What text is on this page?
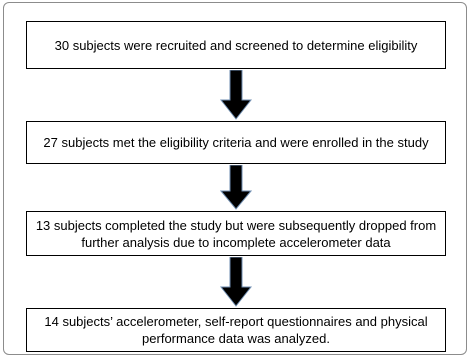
30 subjects were recruited and screened to determine eligibility
27 subjects met the eligibility criteria and were enrolled in the study
13 subjects completed the study but were subsequently dropped from further analysis due to incomplete accelerometer data
14 subjects’ accelerometer, self-report questionnaires and physical performance data was analyzed.
